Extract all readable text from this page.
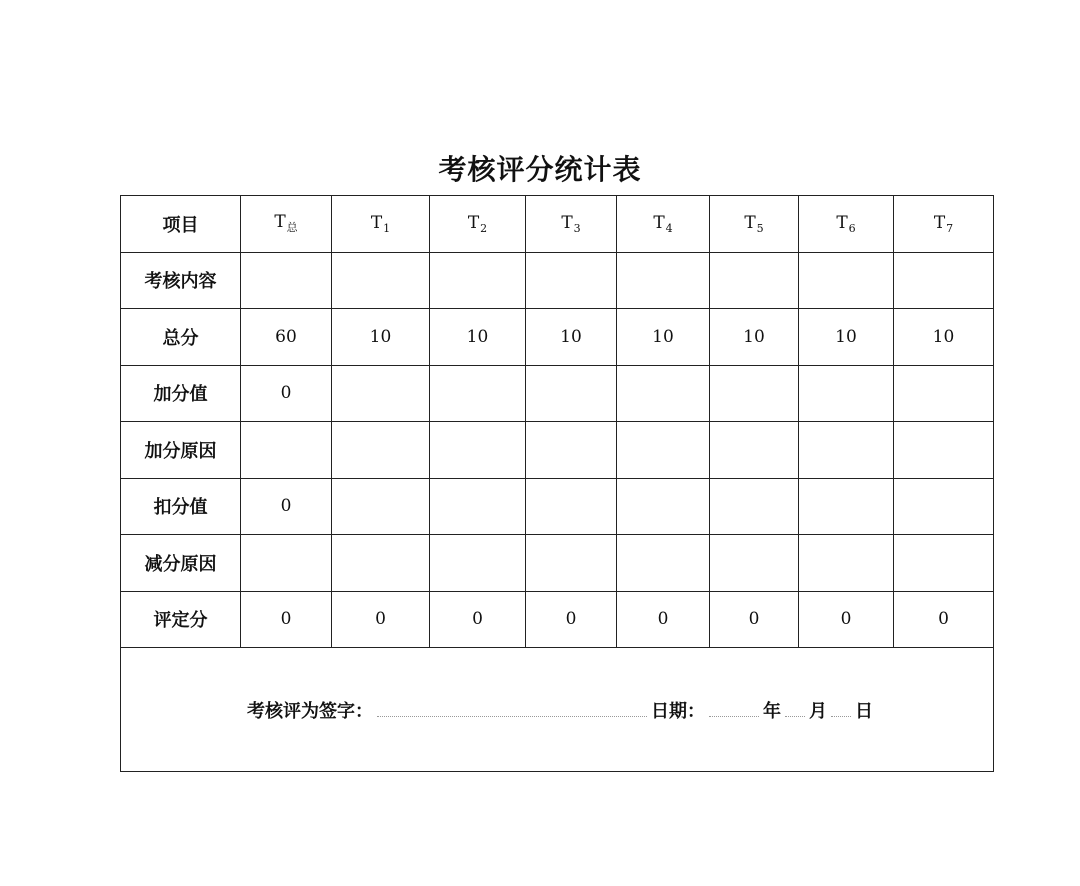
考核评分统计表
项目	$T_总$	$T_1$	$T_2$	$T_3$	$T_4$	$T_5$	$T_6$	$T_7$
考核内容								
总分	60	10	10	10	10	10	10	10
加分值	0							
加分原因								
扣分值	0							
减分原因								
评定分	0	0	0	0	0	0	0	0

考核评为签字： 日期： 年 月 日								
